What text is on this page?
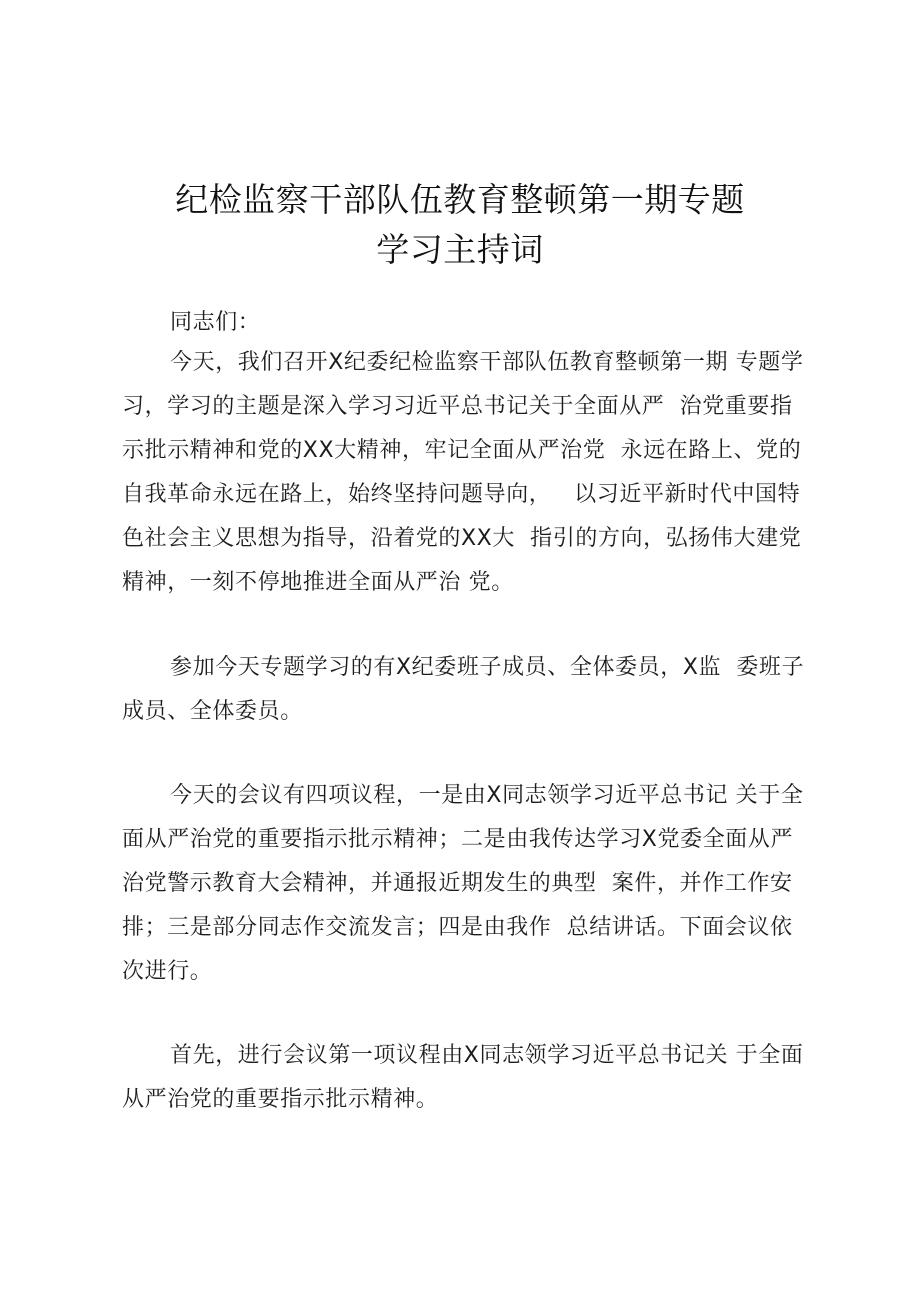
纪检监察干部队伍教育整顿第一期专题
学习主持词
同志们：
今天，我们召开X纪委纪检监察干部队伍教育整顿第一期 专题学
习，学习的主题是深入学习习近平总书记关于全面从严  治党重要指
示批示精神和党的XX大精神，牢记全面从严治党  永远在路上、党的
自我革命永远在路上，始终坚持问题导向，   以习近平新时代中国特
色社会主义思想为指导，沿着党的XX大  指引的方向，弘扬伟大建党
精神，一刻不停地推进全面从严治 党。
参加今天专题学习的有X纪委班子成员、全体委员，X监  委班子
成员、全体委员。
今天的会议有四项议程，一是由X同志领学习近平总书记 关于全
面从严治党的重要指示批示精神；二是由我传达学习X党委全面从严
治党警示教育大会精神，并通报近期发生的典型  案件，并作工作安
排；三是部分同志作交流发言；四是由我作  总结讲话。下面会议依
次进行。
首先，进行会议第一项议程由X同志领学习近平总书记关 于全面
从严治党的重要指示批示精神。
